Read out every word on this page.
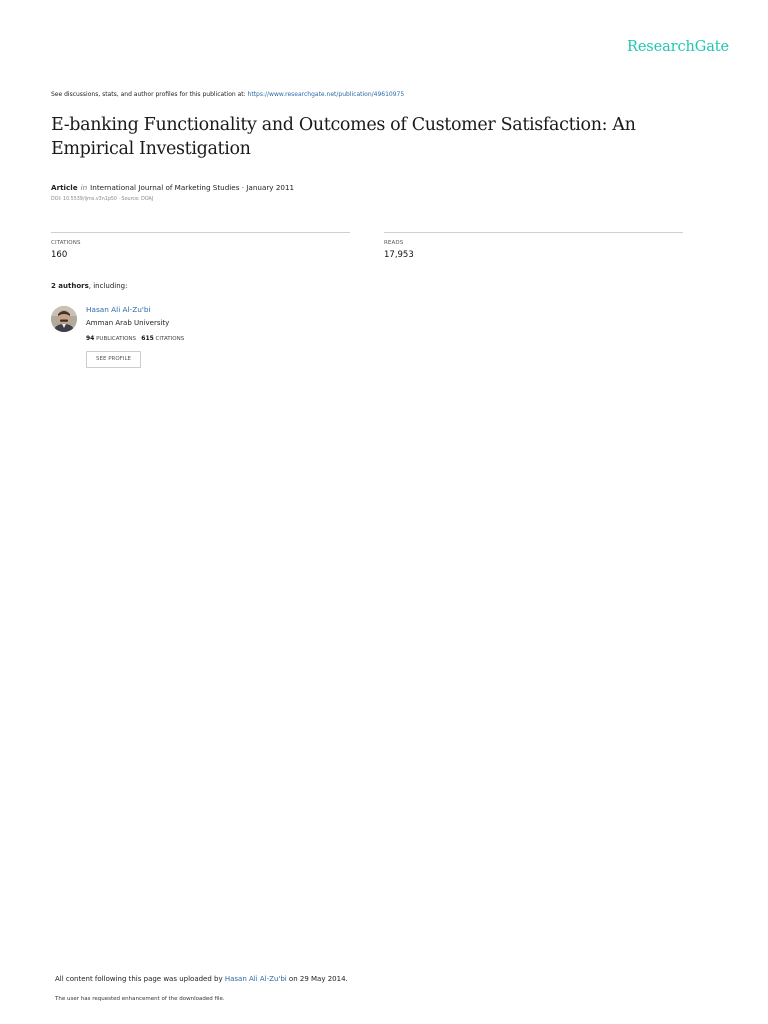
ResearchGate
See discussions, stats, and author profiles for this publication at: https://www.researchgate.net/publication/49610975
E-banking Functionality and Outcomes of Customer Satisfaction: An Empirical Investigation
Article in International Journal of Marketing Studies · January 2011
DOI: 10.5539/ijms.v3n1p50 · Source: DOAJ
CITATIONS
160
READS
17,953
2 authors, including:
Hasan Ali Al-Zu'bi
Amman Arab University
94 PUBLICATIONS 615 CITATIONS
SEE PROFILE
All content following this page was uploaded by Hasan Ali Al-Zu'bi on 29 May 2014.
The user has requested enhancement of the downloaded file.
